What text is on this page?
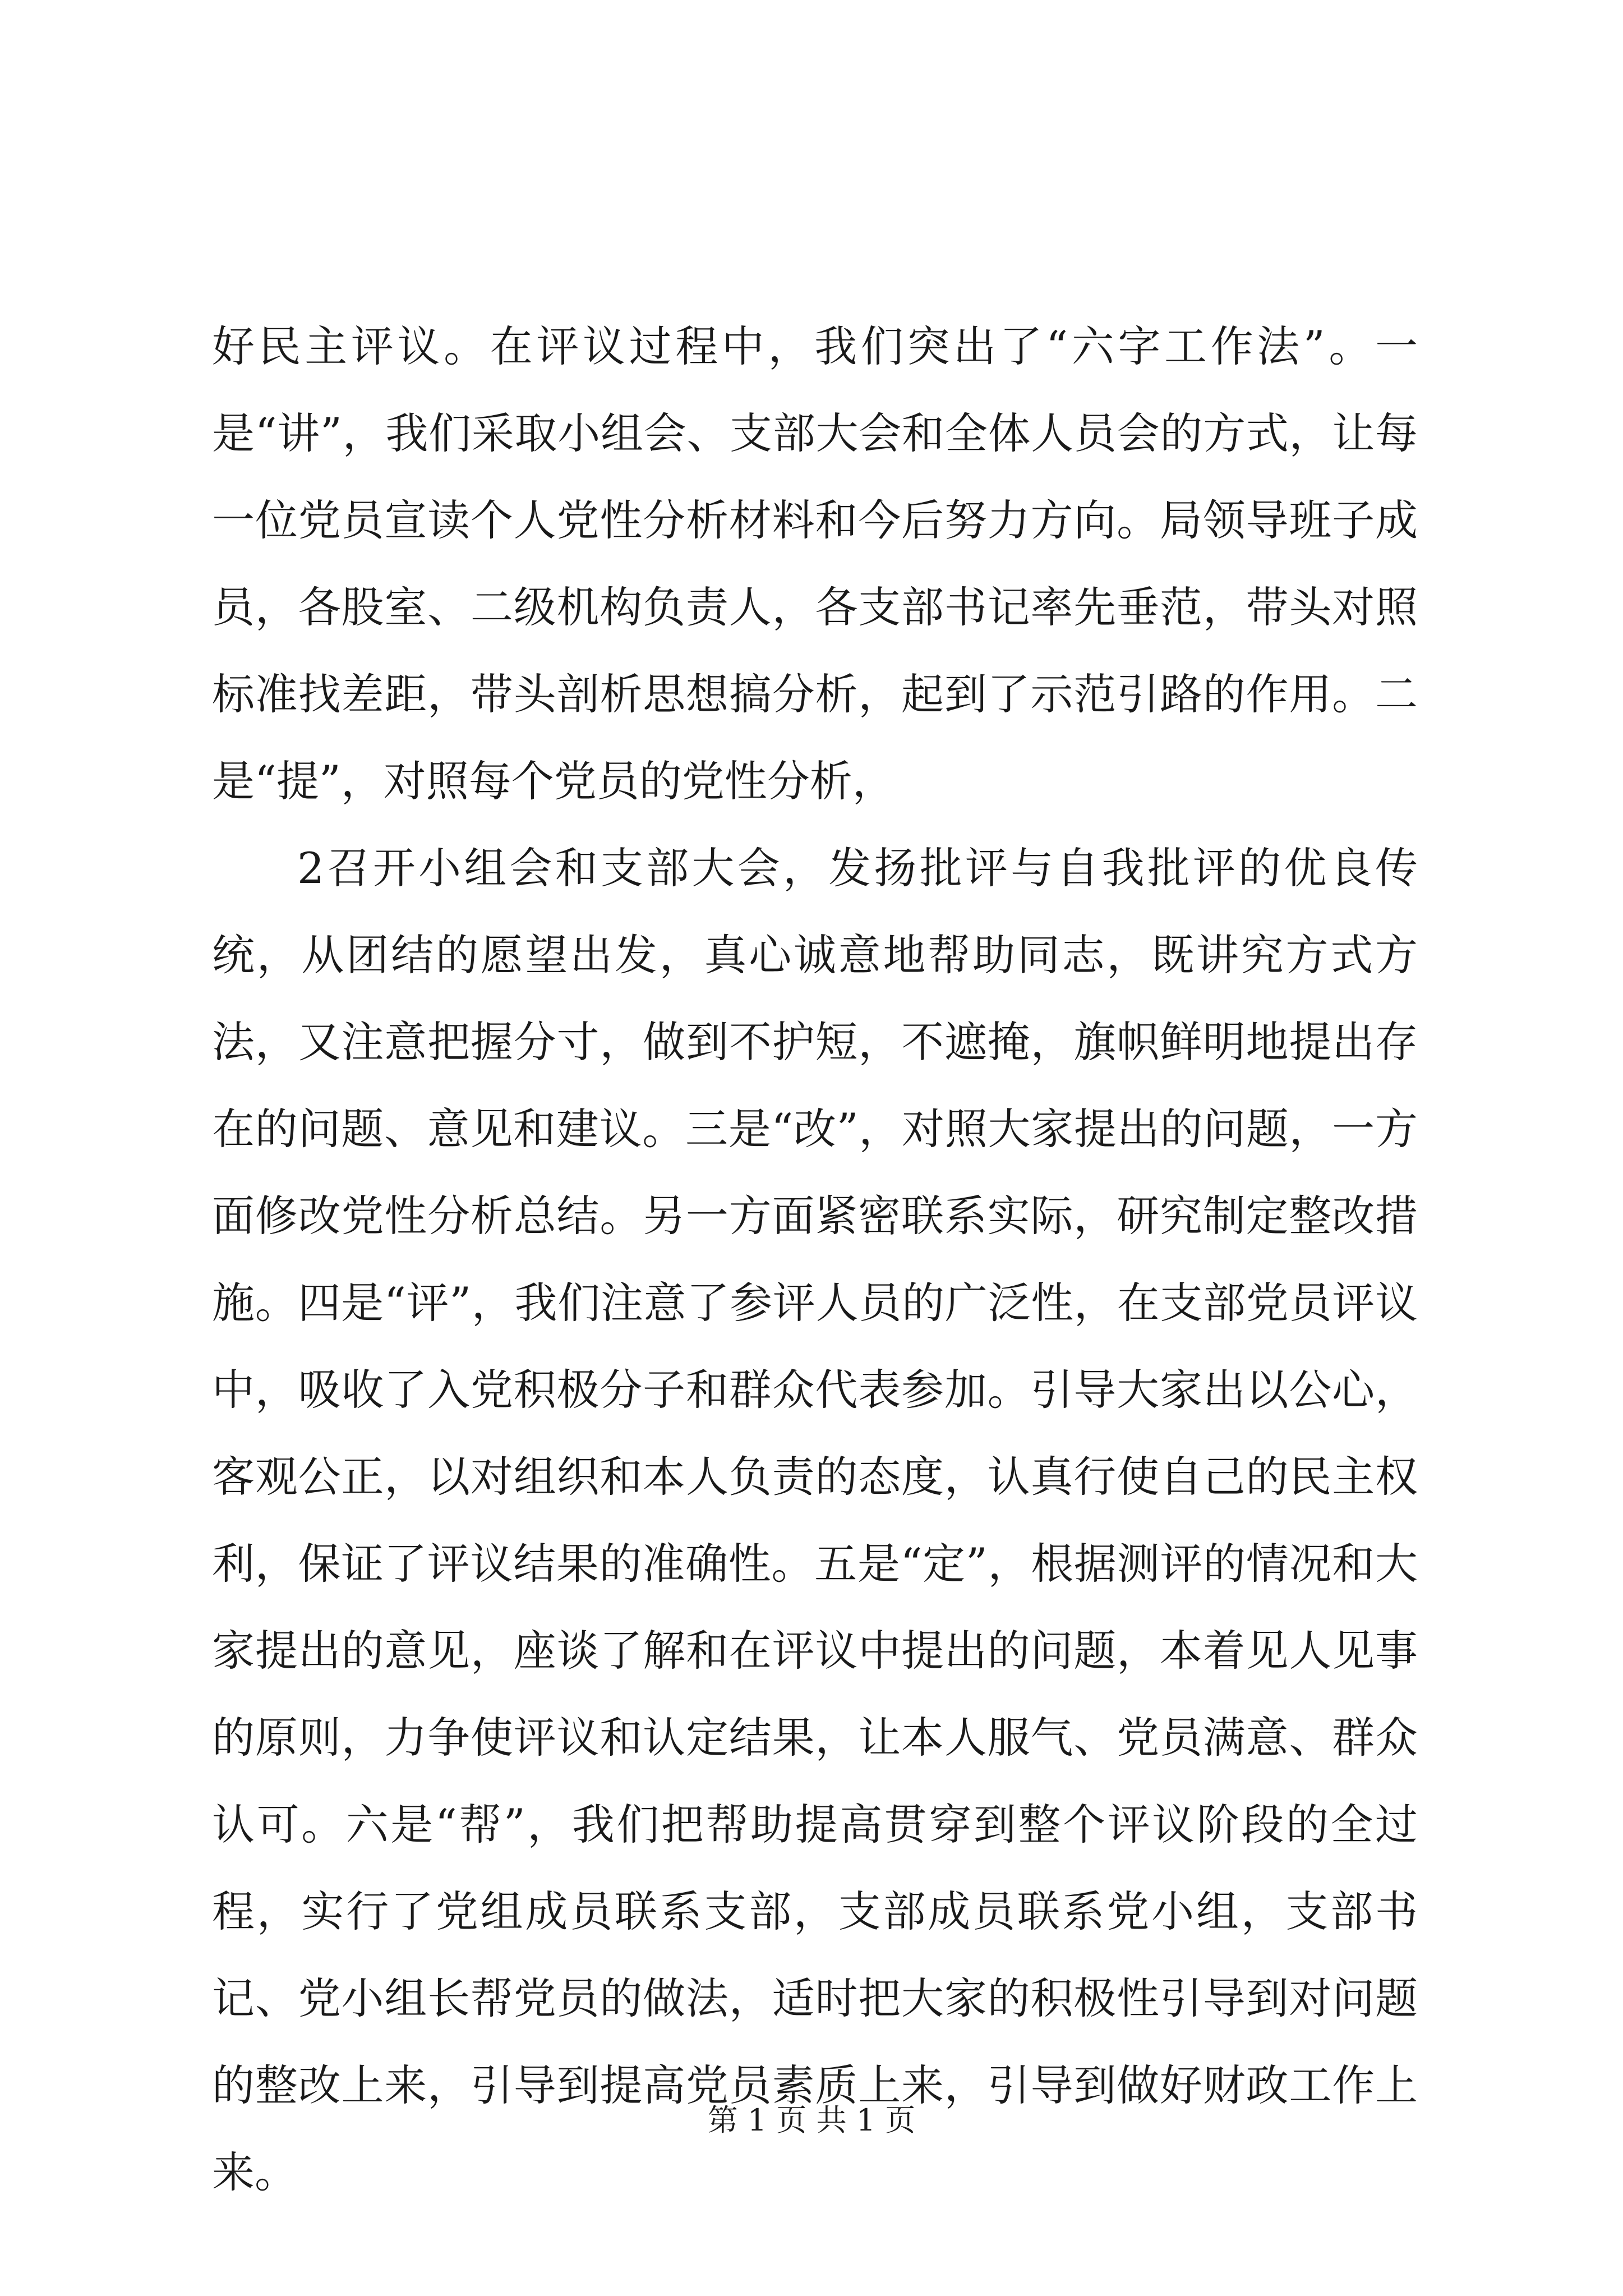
好民主评议。在评议过程中，我们突出了“六字工作法”。一是“讲”，我们采取小组会、支部大会和全体人员会的方式，让每一位党员宣读个人党性分析材料和今后努力方向。局领导班子成员，各股室、二级机构负责人，各支部书记率先垂范，带头对照标准找差距，带头剖析思想搞分析，起到了示范引路的作用。二是“提”，对照每个党员的党性分析，

2召开小组会和支部大会，发扬批评与自我批评的优良传统，从团结的愿望出发，真心诚意地帮助同志，既讲究方式方法，又注意把握分寸，做到不护短，不遮掩，旗帜鲜明地提出存在的问题、意见和建议。三是“改”，对照大家提出的问题，一方面修改党性分析总结。另一方面紧密联系实际，研究制定整改措施。四是“评”，我们注意了参评人员的广泛性，在支部党员评议中，吸收了入党积极分子和群众代表参加。引导大家出以公心，客观公正，以对组织和本人负责的态度，认真行使自己的民主权利，保证了评议结果的准确性。五是“定”，根据测评的情况和大家提出的意见，座谈了解和在评议中提出的问题，本着见人见事的原则，力争使评议和认定结果，让本人服气、党员满意、群众认可。六是“帮”，我们把帮助提高贯穿到整个评议阶段的全过程，实行了党组成员联系支部，支部成员联系党小组，支部书记、党小组长帮党员的做法，适时把大家的积极性引导到对问题的整改上来，引导到提高党员素质上来，引导到做好财政工作上来。

第 1 页 共 1 页
